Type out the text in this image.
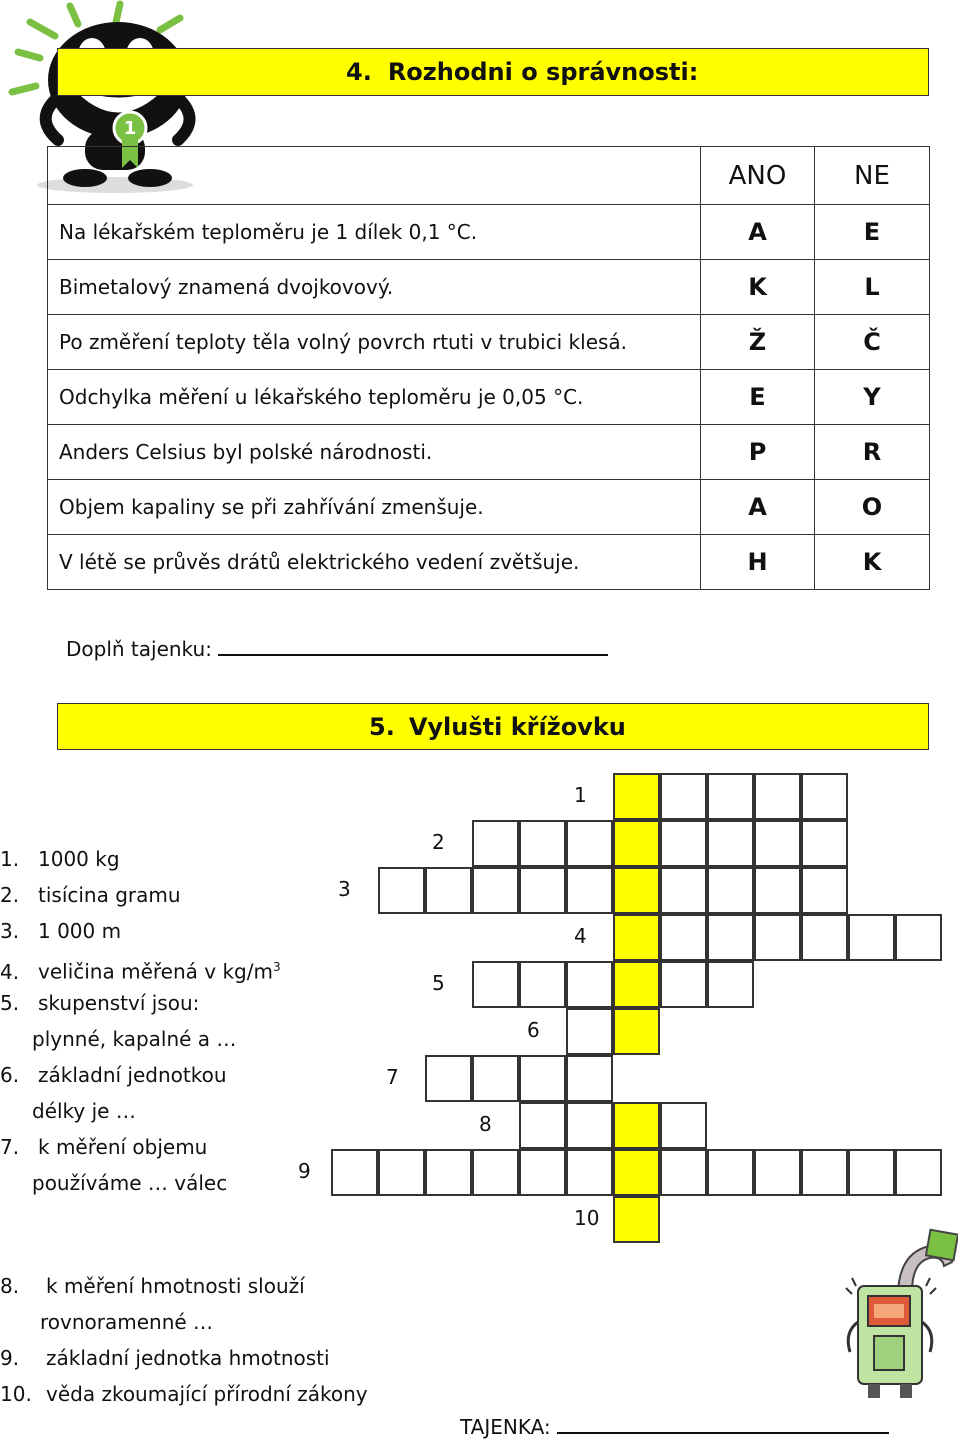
1
4. Rozhodni o správnosti:
	ANO	NE
Na lékařském teploměru je 1 dílek 0,1 °C.	A	E
Bimetalový znamená dvojkovový.	K	L
Po změření teploty těla volný povrch rtuti v trubici klesá.	Ž	Č
Odchylka měření u lékařského teploměru je 0,05 °C.	E	Y
Anders Celsius byl polské národnosti.	P	R
Objem kapaliny se při zahřívání zmenšuje.	A	O
V létě se průvěs drátů elektrického vedení zvětšuje.	H	K
Doplň tajenku:
5. Vylušti křížovku
1
2
3
4
5
6
7
8
9
10
1. 1000 kg
2. tisícina gramu
3. 1 000 m
4. veličina měřená v $kg/m^3$
5. skupenství jsou:
plynné, kapalné a …
6. základní jednotkou
délky je …
7. k měření objemu
používáme … válec
8. k měření hmotnosti slouží
rovnoramenné …
9. základní jednotka hmotnosti
10. věda zkoumající přírodní zákony
TAJENKA:
